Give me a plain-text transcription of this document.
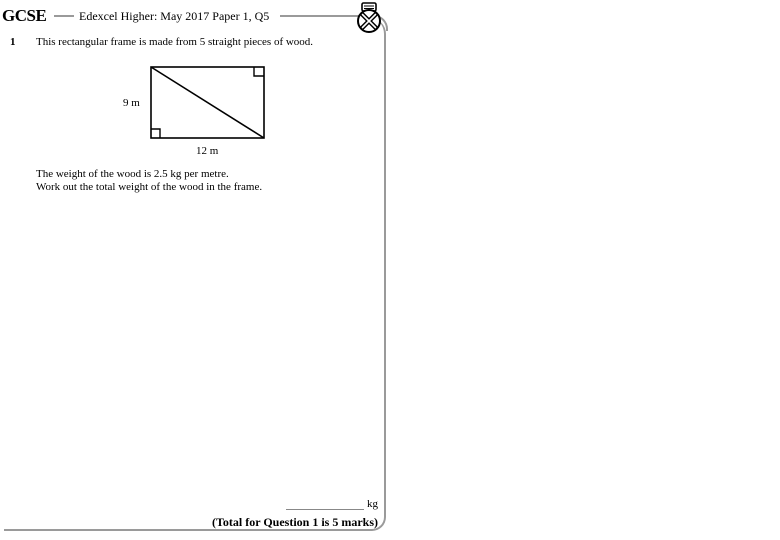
GCSE	Edexcel Higher: May 2017 Paper 1, Q5
1 This rectangular frame is made from 5 straight pieces of wood.
9 m
12 m
The weight of the wood is 2.5 kg per metre.
Work out the total weight of the wood in the frame.
kg
(Total for Question 1 is 5 marks)
